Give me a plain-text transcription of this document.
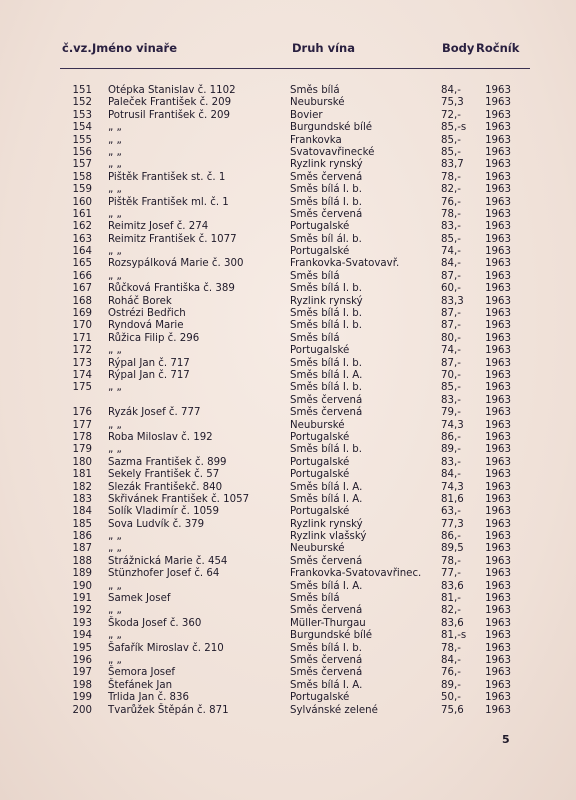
č.vz. Jméno vinaře	Druh vína	Body Ročník
151 Otépka Stanislav č. 1102	Směs bílá	84,-	1963
152 Paleček František č. 209	Neuburské	75,3	1963
153 Potrusil František č. 209	Bovier	72,-	1963
154 „ „	Burgundské bílé	85,-s	1963
155 „ „	Frankovka	85,-	1963
156 „ „	Svatovavřinecké	85,-	1963
157 „ „	Ryzlink rynský	83,7	1963
158 Pištěk František st. č. 1	Směs červená	78,-	1963
159 „ „	Směs bílá I. b.	82,-	1963
160 Pištěk František ml. č. 1	Směs bílá I. b.	76,-	1963
161 „ „	Směs červená	78,-	1963
162 Reimitz Josef č. 274	Portugalské	83,-	1963
163 Reimitz František č. 1077	Směs bíl ál. b.	85,-	1963
164 „ „	Portugalské	74,-	1963
165 Rozsypálková Marie č. 300	Frankovka-Svatovavř.	84,-	1963
166 „ „	Směs bílá	87,-	1963
167 Růčková Františka č. 389	Směs bílá I. b.	60,-	1963
168 Roháč Borek	Ryzlink rynský	83,3	1963
169 Ostrézi Bedřich	Směs bílá I. b.	87,-	1963
170 Ryndová Marie	Směs bílá I. b.	87,-	1963
171 Růžica Filip č. 296	Směs bílá	80,-	1963
172 „ „	Portugalské	74,-	1963
173 Rýpal Jan č. 717	Směs bílá I. b.	87,-	1963
174 Rýpal Jan č. 717	Směs bílá I. A.	70,-	1963
175 „ „	Směs bílá I. b.	85,-	1963
Směs červená	83,-	1963
176 Ryzák Josef č. 777	Směs červená	79,-	1963
177 „ „	Neuburské	74,3	1963
178 Roba Miloslav č. 192	Portugalské	86,-	1963
179 „ „	Směs bílá I. b.	89,-	1963
180 Sazma František č. 899	Portugalské	83,-	1963
181 Sekely František č. 57	Portugalské	84,-	1963
182 Slezák Františekč. 840	Směs bílá I. A.	74,3	1963
183 Skřivánek František č. 1057	Směs bílá I. A.	81,6	1963
184 Solík Vladimír č. 1059	Portugalské	63,-	1963
185 Sova Ludvík č. 379	Ryzlink rynský	77,3	1963
186 „ „	Ryzlink vlašský	86,-	1963
187 „ „	Neuburské	89,5	1963
188 Strážnická Marie č. 454	Směs červená	78,-	1963
189 Stünzhofer Josef č. 64	Frankovka-Svatovavřinec. 77,-	1963
190 „ „	Směs bílá I. A.	83,6	1963
191 Samek Josef	Směs bílá	81,-	1963
192 „ „	Směs červená	82,-	1963
193 Škoda Josef č. 360	Müller-Thurgau	83,6	1963
194 „ „	Burgundské bílé	81,-s	1963
195 Šafařík Miroslav č. 210	Směs bílá I. b.	78,-	1963
196 „ „	Směs červená	84,-	1963
197 Šemora Josef	Směs červená	76,-	1963
198 Štefánek Jan	Směs bílá I. A.	89,-	1963
199 Trlida Jan č. 836	Portugalské	50,-	1963
200 Tvarůžek Štěpán č. 871	Sylvánské zelené	75,6	1963
5
